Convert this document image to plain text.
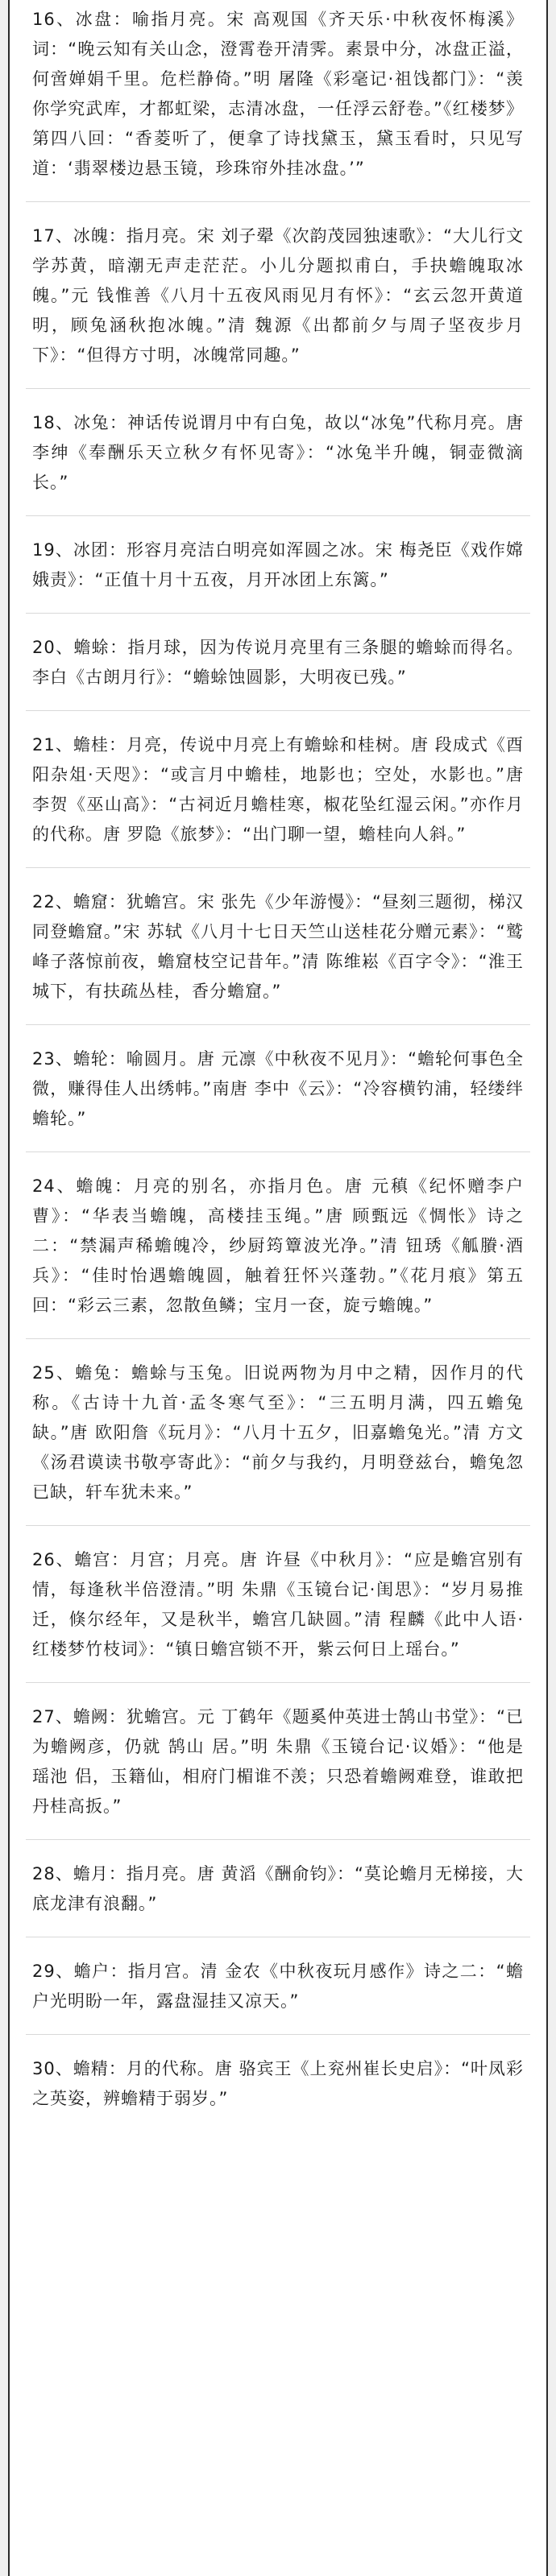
16、冰盘：喻指月亮。宋 高观国《齐天乐·中秋夜怀梅溪》词：“晚云知有关山念，澄霄卷开清霁。素景中分，冰盘正溢，何啻婵娟千里。危栏静倚。”明 屠隆《彩毫记·祖饯都门》：“羡你学究武库，才都虹梁，志清冰盘，一任浮云舒卷。”《红楼梦》第四八回：“香菱听了，便拿了诗找黛玉，黛玉看时，只见写道：‘翡翠楼边悬玉镜，珍珠帘外挂冰盘。’”

17、冰魄：指月亮。宋 刘子翚《次韵茂园独速歌》：“大儿行文学苏黄，暗潮无声走茫茫。小儿分题拟甫白，手抉蟾魄取冰魄。”元 钱惟善《八月十五夜风雨见月有怀》：“玄云忽开黄道明，顾兔涵秋抱冰魄。”清 魏源《出都前夕与周子坚夜步月下》：“但得方寸明，冰魄常同趣。”

18、冰兔：神话传说谓月中有白兔，故以“冰兔”代称月亮。唐 李绅《奉酬乐天立秋夕有怀见寄》：“冰兔半升魄，铜壶微滴长。”

19、冰团：形容月亮洁白明亮如浑圆之冰。宋 梅尧臣《戏作嫦娥责》：“正值十月十五夜，月开冰团上东篱。”

20、蟾蜍：指月球，因为传说月亮里有三条腿的蟾蜍而得名。李白《古朗月行》：“蟾蜍蚀圆影，大明夜已残。”

21、蟾桂：月亮，传说中月亮上有蟾蜍和桂树。唐 段成式《酉阳杂俎·天咫》：“或言月中蟾桂，地影也；空处，水影也。”唐 李贺《巫山高》：“古祠近月蟾桂寒，椒花坠红湿云闲。”亦作月的代称。唐 罗隐《旅梦》：“出门聊一望，蟾桂向人斜。”

22、蟾窟：犹蟾宫。宋 张先《少年游慢》：“昼刻三题彻，梯汉同登蟾窟。”宋 苏轼《八月十七日天竺山送桂花分赠元素》：“鹫峰子落惊前夜，蟾窟枝空记昔年。”清 陈维崧《百字令》：“淮王城下，有扶疏丛桂，香分蟾窟。”

23、蟾轮：喻圆月。唐 元凛《中秋夜不见月》：“蟾轮何事色全微，赚得佳人出绣帏。”南唐 李中《云》：“冷容横钓浦，轻缕绊蟾轮。”

24、蟾魄：月亮的别名，亦指月色。唐 元稹《纪怀赠李户曹》：“华表当蟾魄，高楼挂玉绳。”唐 顾甄远《惆怅》诗之二：“禁漏声稀蟾魄冷，纱厨筠簟波光净。”清 钮琇《觚賸·酒兵》：“佳时怡遇蟾魄圆，触着狂怀兴蓬勃。”《花月痕》第五回：“彩云三素，忽散鱼鳞；宝月一奁，旋亏蟾魄。”

25、蟾兔：蟾蜍与玉兔。旧说两物为月中之精，因作月的代称。《古诗十九首·孟冬寒气至》：“三五明月满，四五蟾兔缺。”唐 欧阳詹《玩月》：“八月十五夕，旧嘉蟾兔光。”清 方文《汤君谟读书敬亭寄此》：“前夕与我约，月明登兹台，蟾兔忽已缺，轩车犹未来。”

26、蟾宫：月宫；月亮。唐 许昼《中秋月》：“应是蟾宫别有情，每逢秋半倍澄清。”明 朱鼎《玉镜台记·闺思》：“岁月易推迁，倏尔经年，又是秋半，蟾宫几缺圆。”清 程麟《此中人语·红楼梦竹枝词》：“镇日蟾宫锁不开，紫云何日上瑶台。”

27、蟾阙：犹蟾宫。元 丁鹤年《题奚仲英进士鹄山书堂》：“已为蟾阙彦，仍就 鹄山 居。”明 朱鼎《玉镜台记·议婚》：“他是 瑶池 侣，玉籍仙，相府门楣谁不羡；只恐着蟾阙难登，谁敢把丹桂高扳。”

28、蟾月：指月亮。唐 黄滔《酬俞钧》：“莫论蟾月无梯接，大底龙津有浪翻。”

29、蟾户：指月宫。清 金农《中秋夜玩月感作》诗之二：“蟾户光明盼一年，露盘湿挂又凉天。”

30、蟾精：月的代称。唐 骆宾王《上兖州崔长史启》：“叶凤彩之英姿，辨蟾精于弱岁。”
